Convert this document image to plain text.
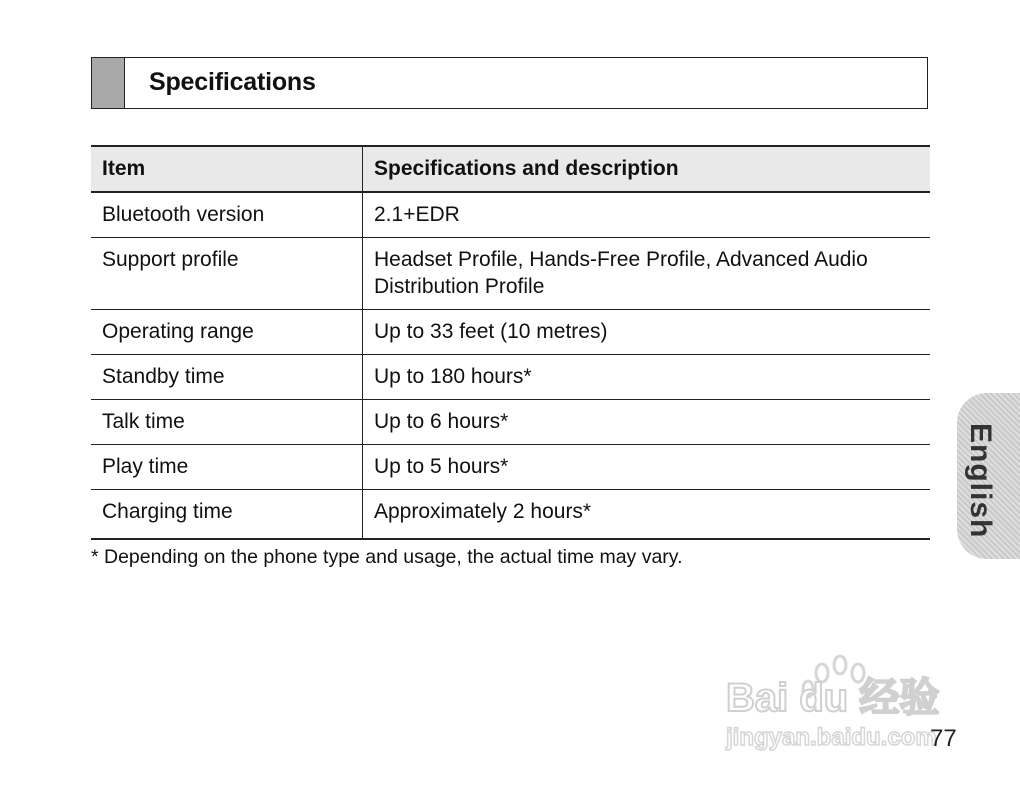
Specifications
Item	Specifications and description
Bluetooth version	2.1+EDR
Support profile	Headset Profile, Hands-Free Profile, Advanced Audio Distribution Profile
Operating range	Up to 33 feet (10 metres)
Standby time	Up to 180 hours*
Talk time	Up to 6 hours*
Play time	Up to 5 hours*
Charging time	Approximately 2 hours*
* Depending on the phone type and usage, the actual time may vary.
English
Bai du 经验
jingyan.baidu.com
77
